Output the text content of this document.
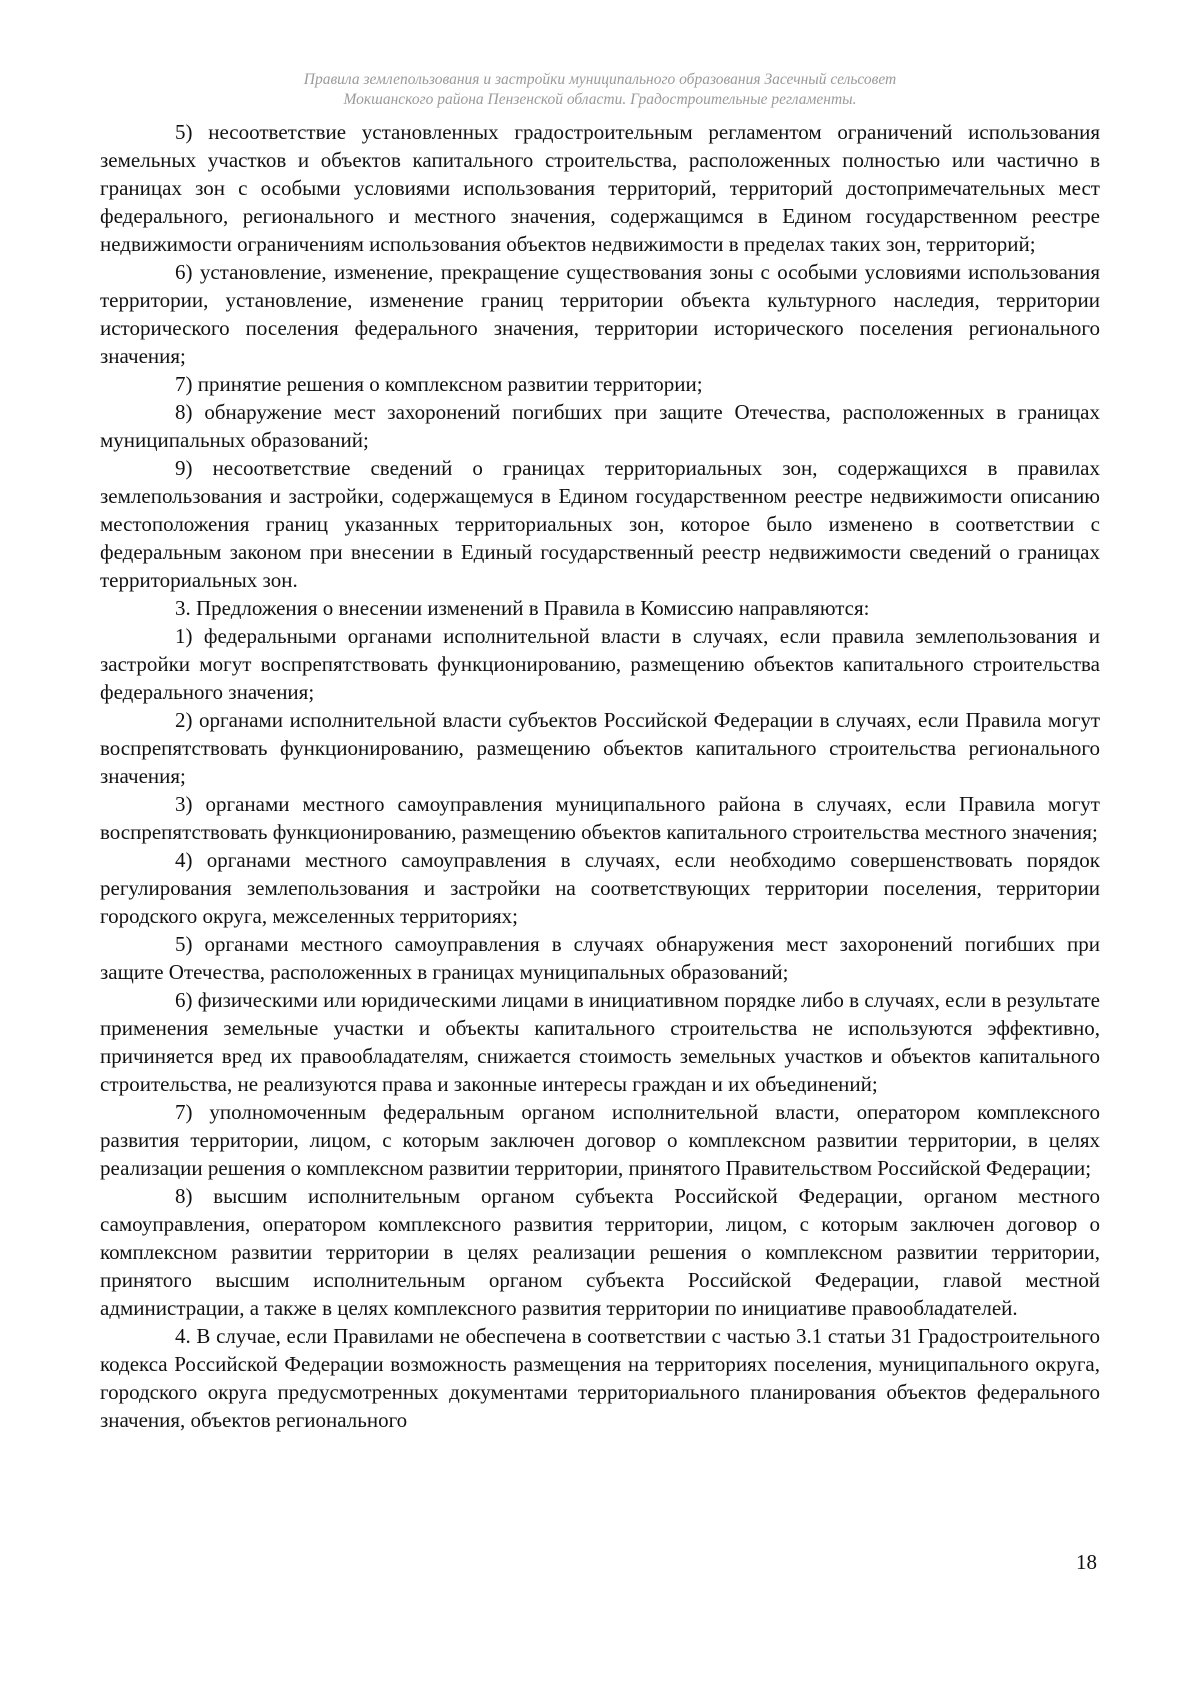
Правила землепользования и застройки муниципального образования Засечный сельсовет
Мокшанского района Пензенской области. Градостроительные регламенты.

5) несоответствие установленных градостроительным регламентом ограничений использования земельных участков и объектов капитального строительства, расположенных полностью или частично в границах зон с особыми условиями использования территорий, территорий достопримечательных мест федерального, регионального и местного значения, содержащимся в Едином государственном реестре недвижимости ограничениям использования объектов недвижимости в пределах таких зон, территорий;

6) установление, изменение, прекращение существования зоны с особыми условиями использования территории, установление, изменение границ территории объекта культурного наследия, территории исторического поселения федерального значения, территории исторического поселения регионального значения;

7) принятие решения о комплексном развитии территории;

8) обнаружение мест захоронений погибших при защите Отечества, расположенных в границах муниципальных образований;

9) несоответствие сведений о границах территориальных зон, содержащихся в правилах землепользования и застройки, содержащемуся в Едином государственном реестре недвижимости описанию местоположения границ указанных территориальных зон, которое было изменено в соответствии с федеральным законом при внесении в Единый государственный реестр недвижимости сведений о границах территориальных зон.

3. Предложения о внесении изменений в Правила в Комиссию направляются:

1) федеральными органами исполнительной власти в случаях, если правила землепользования и застройки могут воспрепятствовать функционированию, размещению объектов капитального строительства федерального значения;

2) органами исполнительной власти субъектов Российской Федерации в случаях, если Правила могут воспрепятствовать функционированию, размещению объектов капитального строительства регионального значения;

3) органами местного самоуправления муниципального района в случаях, если Правила могут воспрепятствовать функционированию, размещению объектов капитального строительства местного значения;

4) органами местного самоуправления в случаях, если необходимо совершенствовать порядок регулирования землепользования и застройки на соответствующих территории поселения, территории городского округа, межселенных территориях;

5) органами местного самоуправления в случаях обнаружения мест захоронений погибших при защите Отечества, расположенных в границах муниципальных образований;

6) физическими или юридическими лицами в инициативном порядке либо в случаях, если в результате применения земельные участки и объекты капитального строительства не используются эффективно, причиняется вред их правообладателям, снижается стоимость земельных участков и объектов капитального строительства, не реализуются права и законные интересы граждан и их объединений;

7) уполномоченным федеральным органом исполнительной власти, оператором комплексного развития территории, лицом, с которым заключен договор о комплексном развитии территории, в целях реализации решения о комплексном развитии территории, принятого Правительством Российской Федерации;

8) высшим исполнительным органом субъекта Российской Федерации, органом местного самоуправления, оператором комплексного развития территории, лицом, с которым заключен договор о комплексном развитии территории в целях реализации решения о комплексном развитии территории, принятого высшим исполнительным органом субъекта Российской Федерации, главой местной администрации, а также в целях комплексного развития территории по инициативе правообладателей.

4. В случае, если Правилами не обеспечена в соответствии с частью 3.1 статьи 31 Градостроительного кодекса Российской Федерации возможность размещения на территориях поселения, муниципального округа, городского округа предусмотренных документами территориального планирования объектов федерального значения, объектов регионального

18
